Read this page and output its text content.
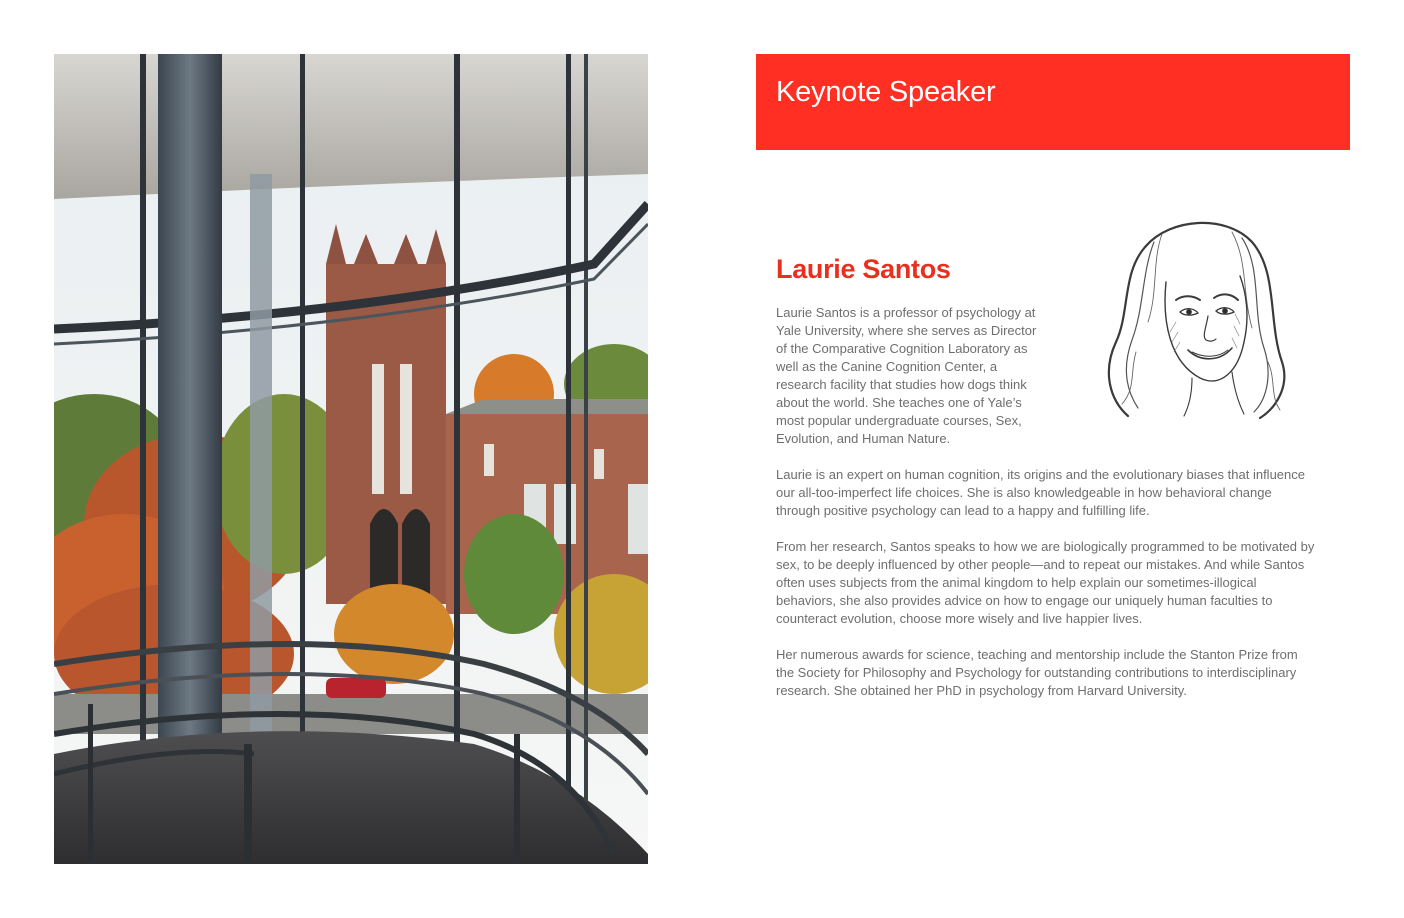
Keynote Speaker
Laurie Santos

Laurie Santos is a professor of psychology at Yale University, where she serves as Director of the Comparative Cognition Laboratory as well as the Canine Cognition Center, a research facility that studies how dogs think about the world. She teaches one of Yale’s most popular undergraduate courses, Sex, Evolution, and Human Nature.

Laurie is an expert on human cognition, its origins and the evolutionary biases that influence our all-too-imperfect life choices. She is also knowledgeable in how behavioral change through positive psychology can lead to a happy and fulfilling life.

From her research, Santos speaks to how we are biologically programmed to be motivated by sex, to be deeply influenced by other people—and to repeat our mistakes. And while Santos often uses subjects from the animal kingdom to help explain our sometimes-illogical behaviors, she also provides advice on how to engage our uniquely human faculties to counteract evolution, choose more wisely and live happier lives.

Her numerous awards for science, teaching and mentorship include the Stanton Prize from the Society for Philosophy and Psychology for outstanding contributions to interdisciplinary research. She obtained her PhD in psychology from Harvard University.
